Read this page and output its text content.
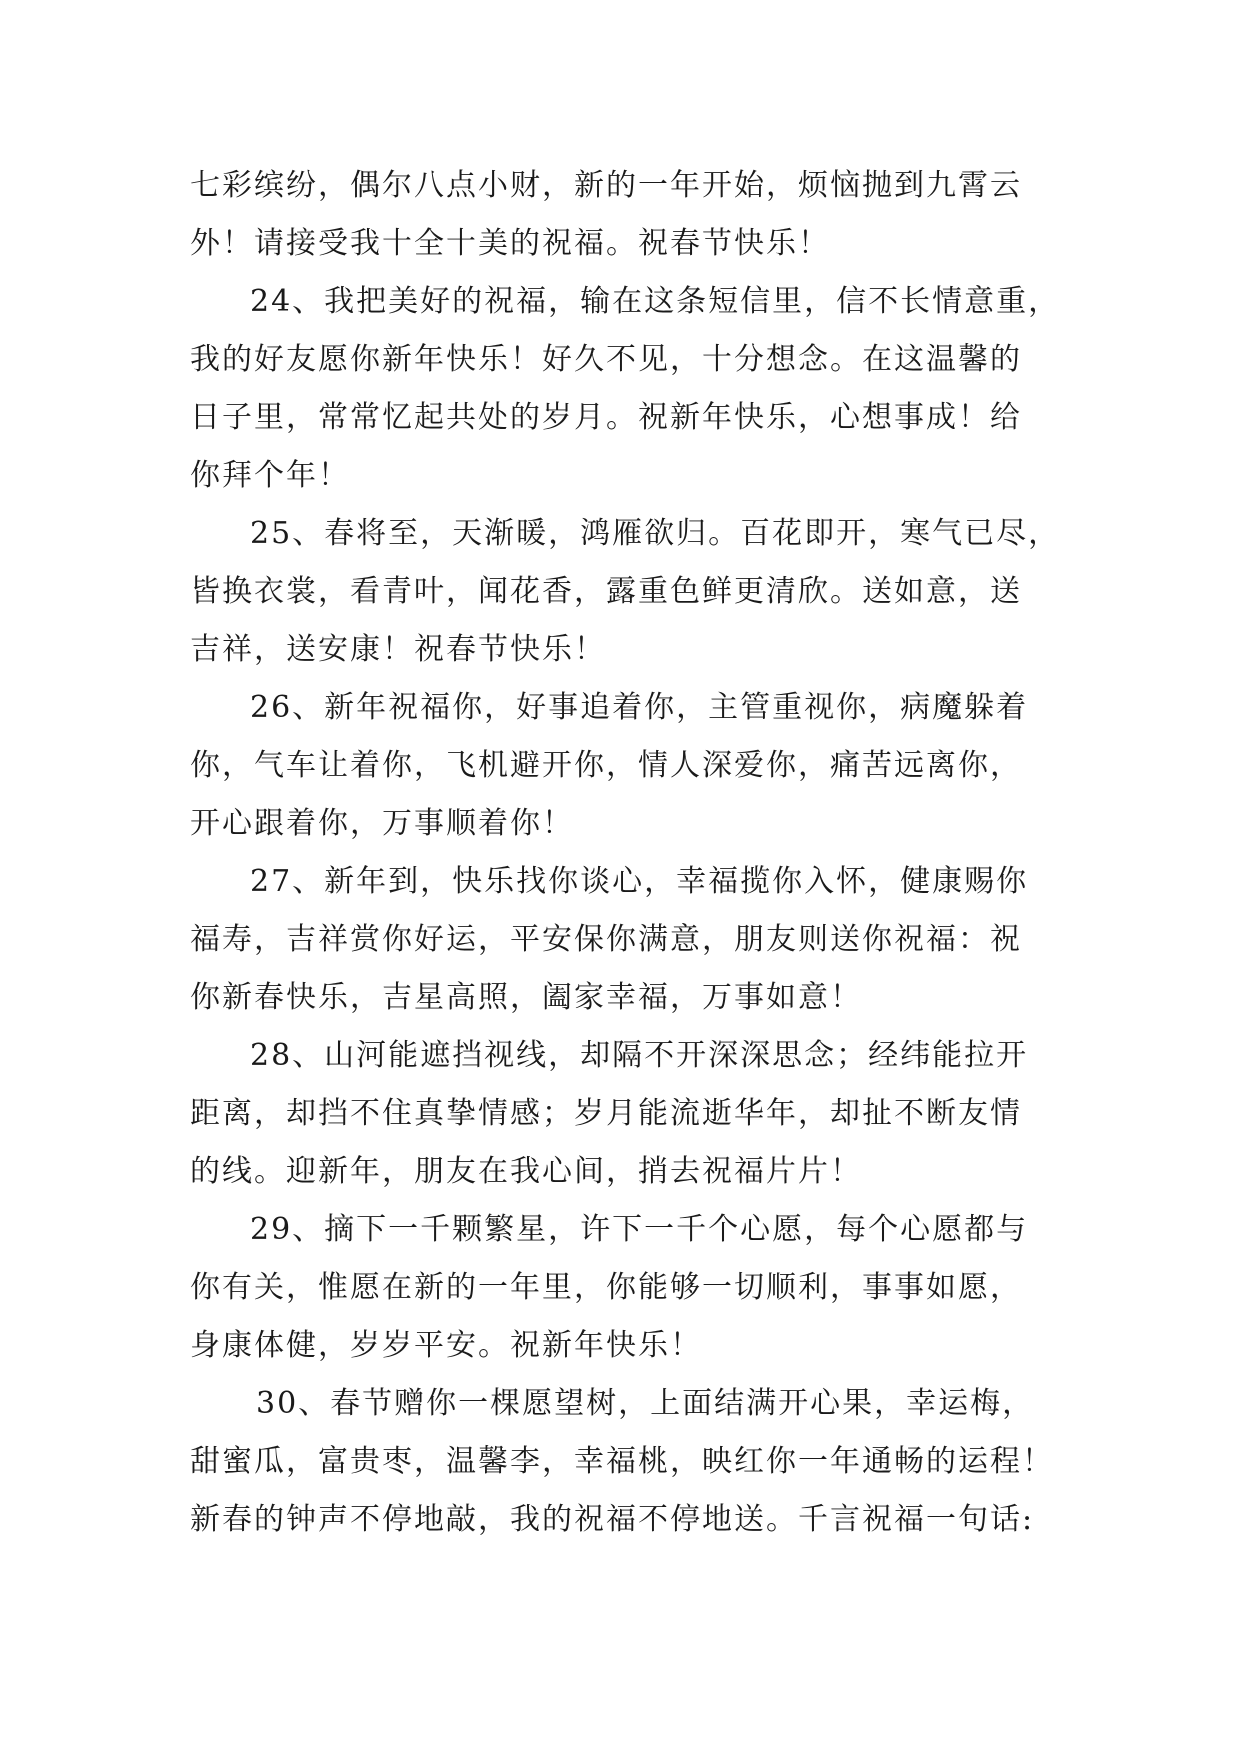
七彩缤纷，偶尔八点小财，新的一年开始，烦恼抛到九霄云
外！请接受我十全十美的祝福。祝春节快乐！
24、我把美好的祝福，输在这条短信里，信不长情意重，
我的好友愿你新年快乐！好久不见，十分想念。在这温馨的
日子里，常常忆起共处的岁月。祝新年快乐，心想事成！给
你拜个年！
25、春将至，天渐暖，鸿雁欲归。百花即开，寒气已尽，
皆换衣裳，看青叶，闻花香，露重色鲜更清欣。送如意，送
吉祥，送安康！祝春节快乐！
26、新年祝福你，好事追着你，主管重视你，病魔躲着
你，气车让着你，飞机避开你，情人深爱你，痛苦远离你，
开心跟着你，万事顺着你！
27、新年到，快乐找你谈心，幸福揽你入怀，健康赐你
福寿，吉祥赏你好运，平安保你满意，朋友则送你祝福：祝
你新春快乐，吉星高照，阖家幸福，万事如意！
28、山河能遮挡视线，却隔不开深深思念；经纬能拉开
距离，却挡不住真挚情感；岁月能流逝华年，却扯不断友情
的线。迎新年，朋友在我心间，捎去祝福片片！
29、摘下一千颗繁星，许下一千个心愿，每个心愿都与
你有关，惟愿在新的一年里，你能够一切顺利，事事如愿，
身康体健，岁岁平安。祝新年快乐！
30、春节赠你一棵愿望树，上面结满开心果，幸运梅，
甜蜜瓜，富贵枣，温馨李，幸福桃，映红你一年通畅的运程！
新春的钟声不停地敲，我的祝福不停地送。千言祝福一句话:
